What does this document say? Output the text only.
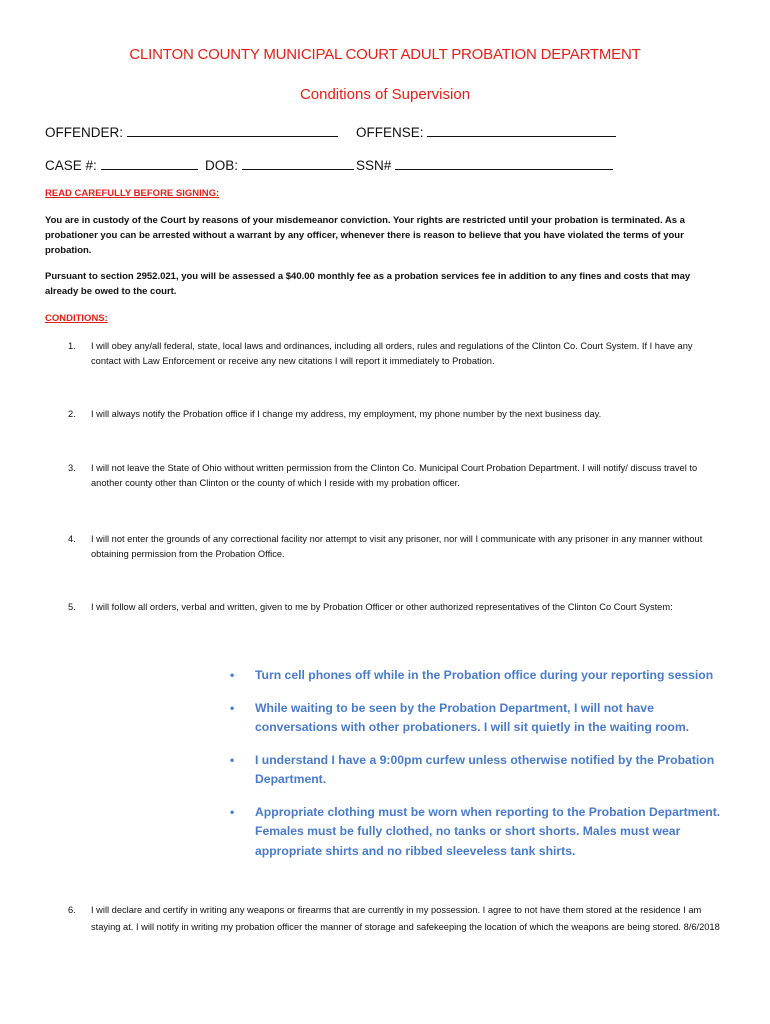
CLINTON COUNTY MUNICIPAL COURT ADULT PROBATION DEPARTMENT
Conditions of Supervision
OFFENDER:	OFFENSE:
CASE #:	DOB:	SSN#
READ CAREFULLY BEFORE SIGNING:
You are in custody of the Court by reasons of your misdemeanor conviction. Your rights are restricted until your probation is terminated. As a probationer you can be arrested without a warrant by any officer, whenever there is reason to believe that you have violated the terms of your probation.
Pursuant to section 2952.021, you will be assessed a $40.00 monthly fee as a probation services fee in addition to any fines and costs that may already be owed to the court.
CONDITIONS:
1. I will obey any/all federal, state, local laws and ordinances, including all orders, rules and regulations of the Clinton Co. Court System. If I have any contact with Law Enforcement or receive any new citations I will report it immediately to Probation.
2. I will always notify the Probation office if I change my address, my employment, my phone number by the next business day.
3. I will not leave the State of Ohio without written permission from the Clinton Co. Municipal Court Probation Department. I will notify/ discuss travel to another county other than Clinton or the county of which I reside with my probation officer.
4. I will not enter the grounds of any correctional facility nor attempt to visit any prisoner, nor will I communicate with any prisoner in any manner without obtaining permission from the Probation Office.
5. I will follow all orders, verbal and written, given to me by Probation Officer or other authorized representatives of the Clinton Co Court System:
• Turn cell phones off while in the Probation office during your reporting session
• While waiting to be seen by the Probation Department, I will not have conversations with other probationers. I will sit quietly in the waiting room.
• I understand I have a 9:00pm curfew unless otherwise notified by the Probation Department.
• Appropriate clothing must be worn when reporting to the Probation Department. Females must be fully clothed, no tanks or short shorts. Males must wear appropriate shirts and no ribbed sleeveless tank shirts.
6. I will declare and certify in writing any weapons or firearms that are currently in my possession. I agree to not have them stored at the residence I am staying at. I will notify in writing my probation officer the manner of storage and safekeeping the location of which the weapons are being stored. 8/6/2018
